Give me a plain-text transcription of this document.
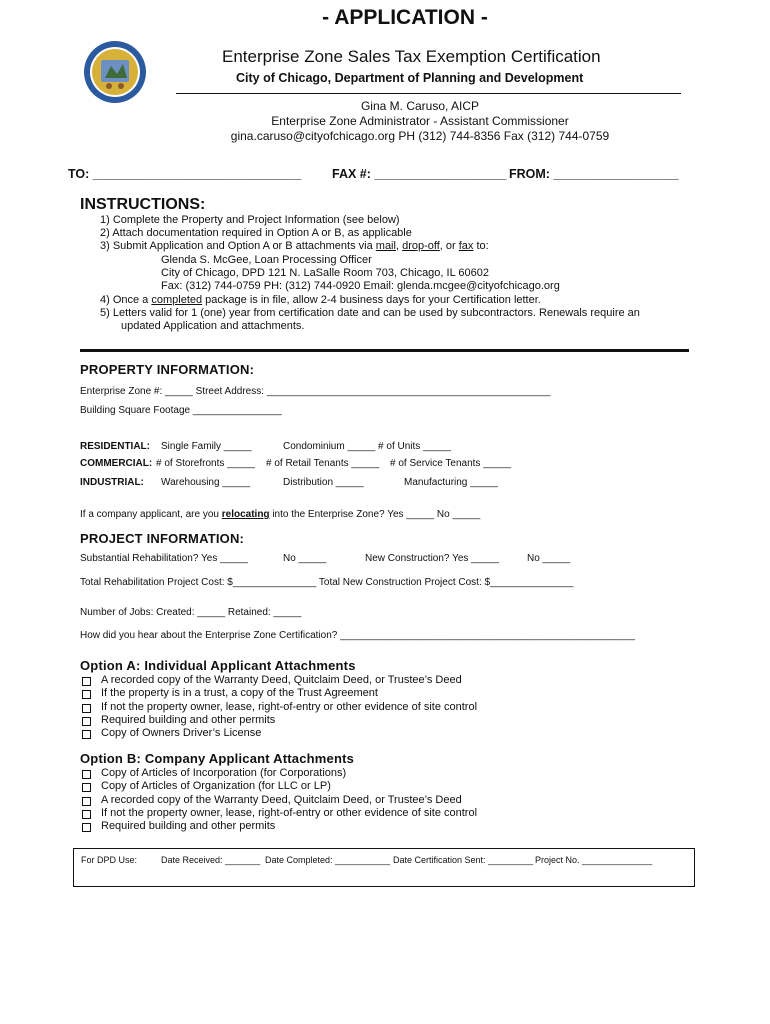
- APPLICATION -
Enterprise Zone Sales Tax Exemption Certification
City of Chicago, Department of Planning and Development
Gina M. Caruso, AICP
Enterprise Zone Administrator - Assistant Commissioner
gina.caruso@cityofchicago.org PH (312) 744-8356 Fax (312) 744-0759
TO: ______________________________ FAX #: ___________________ FROM: __________________
INSTRUCTIONS:
1) Complete the Property and Project Information (see below)
2) Attach documentation required in Option A or B, as applicable
3) Submit Application and Option A or B attachments via mail, drop-off, or fax to:
Glenda S. McGee, Loan Processing Officer
City of Chicago, DPD 121 N. LaSalle Room 703, Chicago, IL 60602
Fax: (312) 744-0759 PH: (312) 744-0920 Email: glenda.mcgee@cityofchicago.org
4) Once a completed package is in file, allow 2-4 business days for your Certification letter.
5) Letters valid for 1 (one) year from certification date and can be used by subcontractors. Renewals require an
updated Application and attachments.
PROPERTY INFORMATION:
Enterprise Zone #: _____ Street Address: ___________________________________________________
Building Square Footage ________________
RESIDENTIAL: Single Family _____	Condominium _____ # of Units _____
COMMERCIAL: # of Storefronts _____ # of Retail Tenants _____ # of Service Tenants _____
INDUSTRIAL: Warehousing _____	Distribution _____	Manufacturing _____
If a company applicant, are you relocating into the Enterprise Zone? Yes _____ No _____
PROJECT INFORMATION:
Substantial Rehabilitation? Yes _____	No _____	New Construction? Yes _____	No _____
Total Rehabilitation Project Cost: $_______________ Total New Construction Project Cost: $_______________
Number of Jobs: Created: _____ Retained: _____
How did you hear about the Enterprise Zone Certification? _____________________________________________________
Option A: Individual Applicant Attachments
A recorded copy of the Warranty Deed, Quitclaim Deed, or Trustee’s Deed
If the property is in a trust, a copy of the Trust Agreement
If not the property owner, lease, right-of-entry or other evidence of site control
Required building and other permits
Copy of Owners Driver’s License
Option B: Company Applicant Attachments
Copy of Articles of Incorporation (for Corporations)
Copy of Articles of Organization (for LLC or LP)
A recorded copy of the Warranty Deed, Quitclaim Deed, or Trustee’s Deed
If not the property owner, lease, right-of-entry or other evidence of site control
Required building and other permits
For DPD Use:	Date Received: _______ Date Completed: ___________ Date Certification Sent: _________ Project No. ______________
